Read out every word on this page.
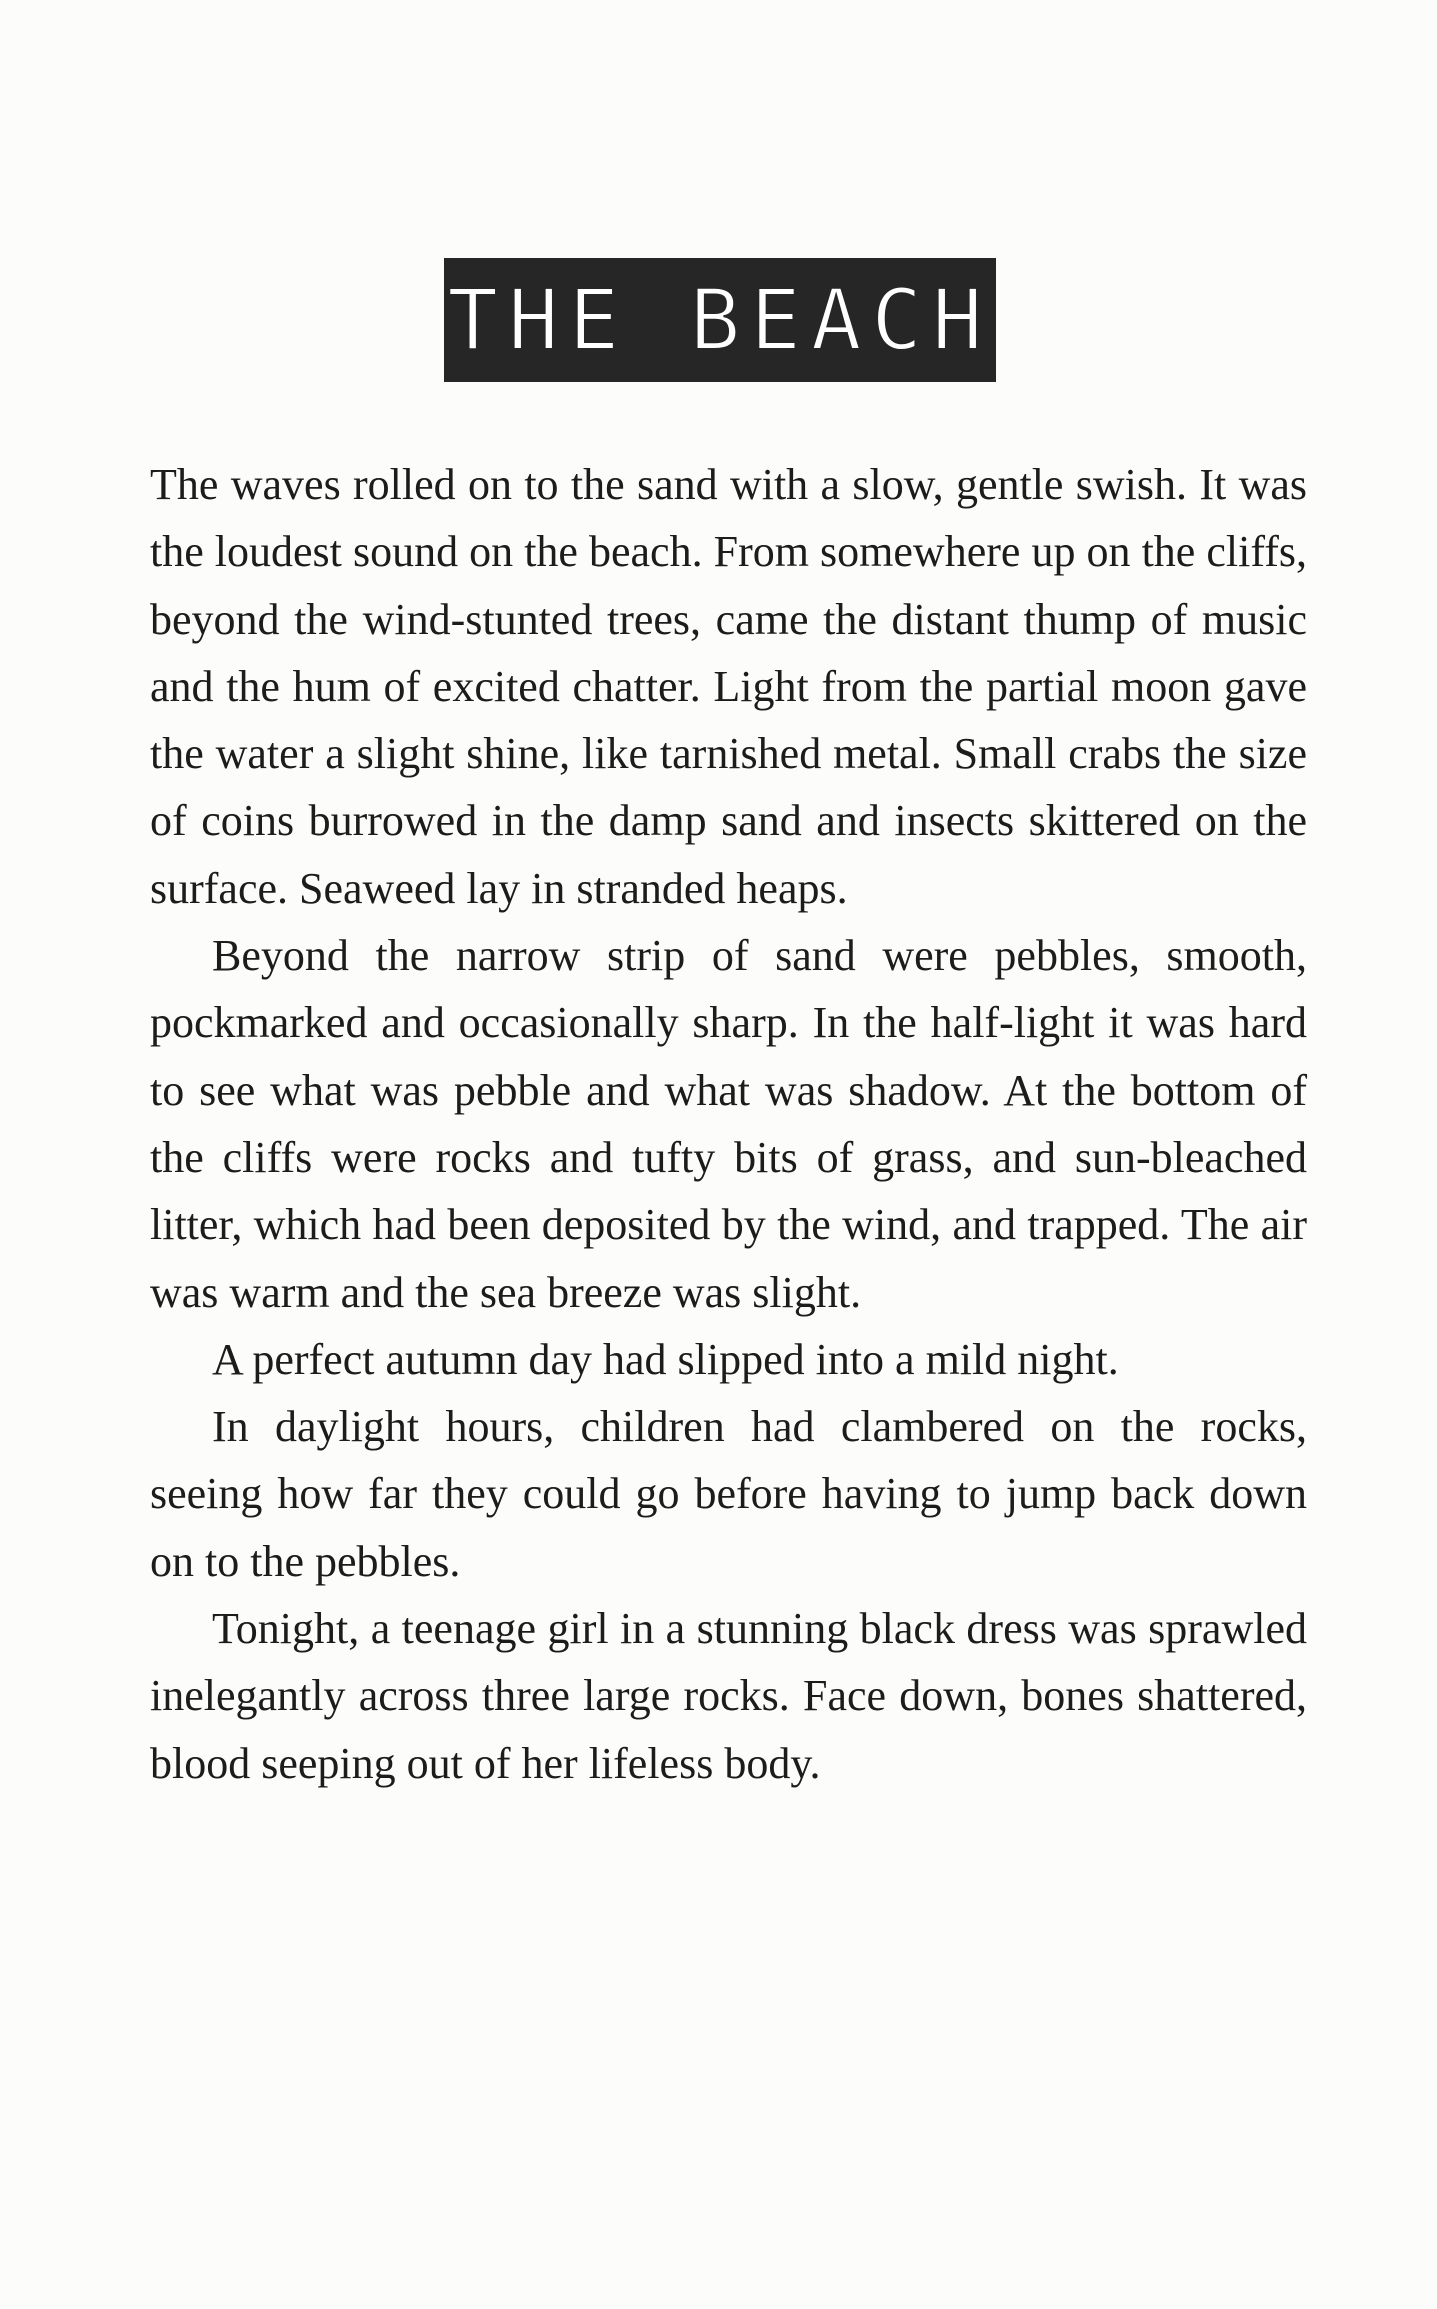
THE BEACH

The waves rolled on to the sand with a slow, gentle swish. It was the loudest sound on the beach. From somewhere up on the cliffs, beyond the wind-stunted trees, came the distant thump of music and the hum of excited chatter. Light from the partial moon gave the water a slight shine, like tarnished metal. Small crabs the size of coins burrowed in the damp sand and insects skittered on the surface. Seaweed lay in stranded heaps.

Beyond the narrow strip of sand were pebbles, smooth, pockmarked and occasionally sharp. In the half-light it was hard to see what was pebble and what was shadow. At the bottom of the cliffs were rocks and tufty bits of grass, and sun-bleached litter, which had been deposited by the wind, and trapped. The air was warm and the sea breeze was slight.

A perfect autumn day had slipped into a mild night.

In daylight hours, children had clambered on the rocks, seeing how far they could go before having to jump back down on to the pebbles.

Tonight, a teenage girl in a stunning black dress was sprawled inelegantly across three large rocks. Face down, bones shattered, blood seeping out of her lifeless body.
